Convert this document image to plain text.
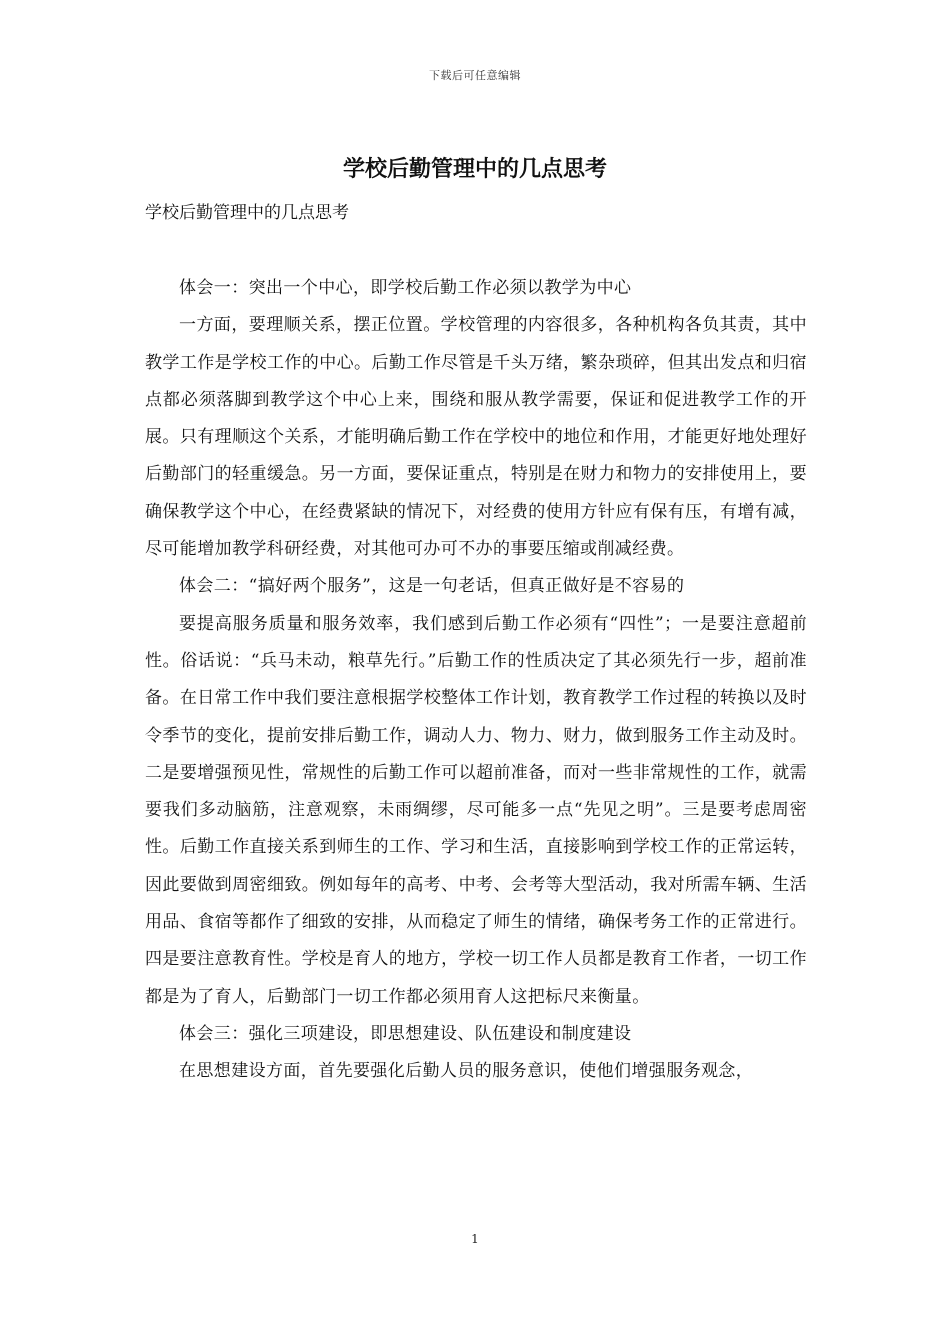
下载后可任意编辑
学校后勤管理中的几点思考
学校后勤管理中的几点思考

体会一：突出一个中心，即学校后勤工作必须以教学为中心

一方面，要理顺关系，摆正位置。学校管理的内容很多，各种机构各负其责，其中教学工作是学校工作的中心。后勤工作尽管是千头万绪，繁杂琐碎，但其出发点和归宿点都必须落脚到教学这个中心上来，围绕和服从教学需要，保证和促进教学工作的开展。只有理顺这个关系，才能明确后勤工作在学校中的地位和作用，才能更好地处理好后勤部门的轻重缓急。另一方面，要保证重点，特别是在财力和物力的安排使用上，要确保教学这个中心，在经费紧缺的情况下，对经费的使用方针应有保有压，有增有减，尽可能增加教学科研经费，对其他可办可不办的事要压缩或削减经费。

体会二：“搞好两个服务”，这是一句老话，但真正做好是不容易的

要提高服务质量和服务效率，我们感到后勤工作必须有“四性”；一是要注意超前性。俗话说：“兵马未动，粮草先行。”后勤工作的性质决定了其必须先行一步，超前准备。在日常工作中我们要注意根据学校整体工作计划，教育教学工作过程的转换以及时令季节的变化，提前安排后勤工作，调动人力、物力、财力，做到服务工作主动及时。二是要增强预见性，常规性的后勤工作可以超前准备，而对一些非常规性的工作，就需要我们多动脑筋，注意观察，未雨绸缪，尽可能多一点“先见之明”。三是要考虑周密性。后勤工作直接关系到师生的工作、学习和生活，直接影响到学校工作的正常运转，因此要做到周密细致。例如每年的高考、中考、会考等大型活动，我对所需车辆、生活用品、食宿等都作了细致的安排，从而稳定了师生的情绪，确保考务工作的正常进行。四是要注意教育性。学校是育人的地方，学校一切工作人员都是教育工作者，一切工作都是为了育人，后勤部门一切工作都必须用育人这把标尺来衡量。

体会三：强化三项建设，即思想建设、队伍建设和制度建设

在思想建设方面，首先要强化后勤人员的服务意识，使他们增强服务观念，

1
